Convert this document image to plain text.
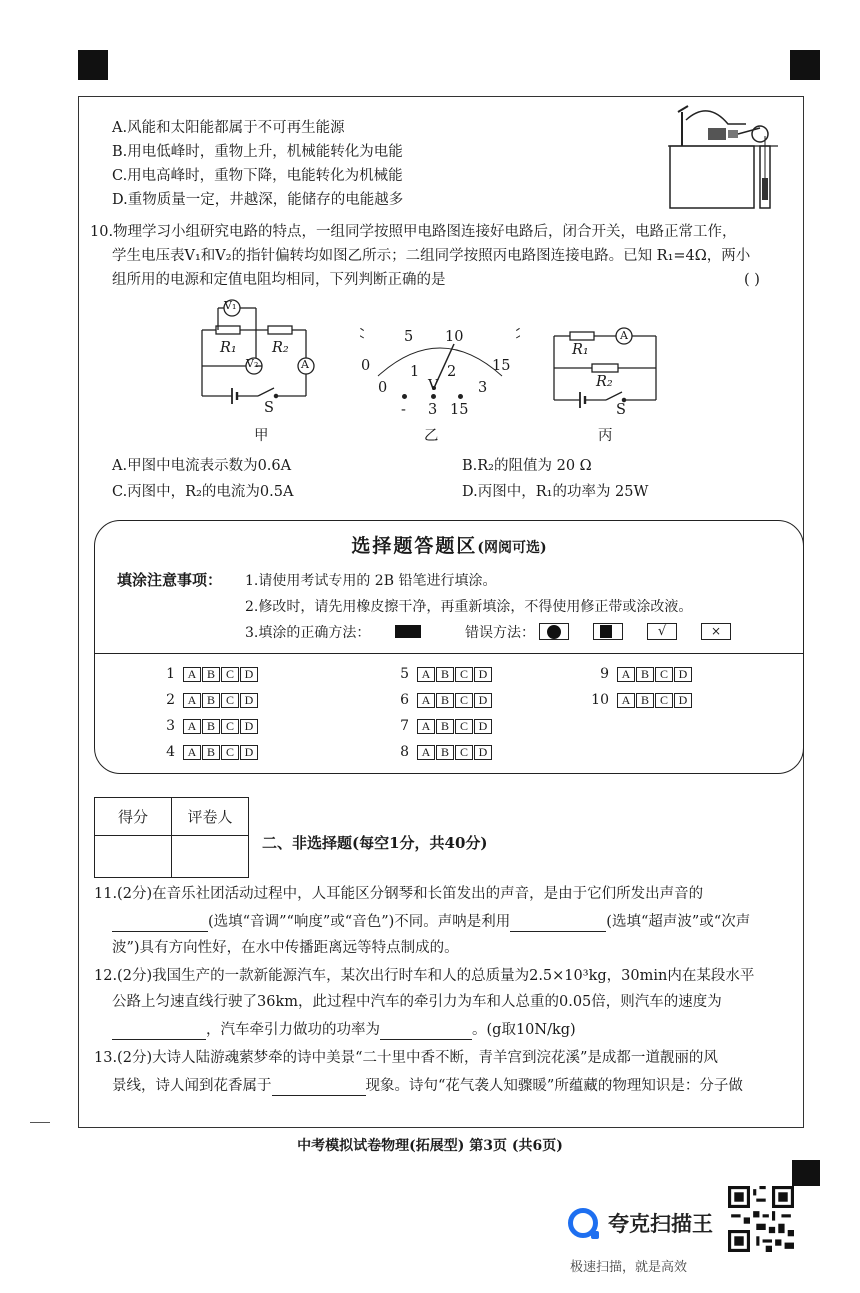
A.风能和太阳能都属于不可再生能源
B.用电低峰时，重物上升，机械能转化为电能
C.用电高峰时，重物下降，电能转化为机械能
D.重物质量一定，井越深，能储存的电能越多
10.物理学习小组研究电路的特点，一组同学按照甲电路图连接好电路后，闭合开关，电路正常工作，
学生电压表V₁和V₂的指针偏转均如图乙所示；二组同学按照丙电路图连接电路。已知 R₁=4Ω，两小
组所用的电源和定值电阻均相同，下列判断正确的是	( )
V₁
R₁
V₂
R₂
A
S
甲
0
5 10
15
0
1 2
3
V
- 3 15
乙
A
R₁
R₂
S
丙
A.甲图中电流表示数为0.6A	B.R₂的阻值为 20 Ω
C.丙图中，R₂的电流为0.5A	D.丙图中，R₁的功率为 25W
选择题答题区(网阅可选)
填涂注意事项： 1.请使用考试专用的 2B 铅笔进行填涂。
2.修改时，请先用橡皮擦干净，再重新填涂，不得使用修正带或涂改液。
3.填涂的正确方法：	错误方法：	√	×
1	A B C D
2	A B C D
3	A B C D
4	A B C D
5	A B C D
6	A B C D
7	A B C D
8	A B C D
9	A B C D
10	A B C D
得分	评卷人

二、非选择题(每空1分，共40分)
11.(2分)在音乐社团活动过程中，人耳能区分钢琴和长笛发出的声音，是由于它们所发出声音的
(选填“音调”“响度”或“音色”)不同。声呐是利用	(选填“超声波”或“次声
波”)具有方向性好，在水中传播距离远等特点制成的。
12.(2分)我国生产的一款新能源汽车，某次出行时车和人的总质量为2.5×10³kg，30min内在某段水平
公路上匀速直线行驶了36km，此过程中汽车的牵引力为车和人总重的0.05倍，则汽车的速度为
，汽车牵引力做功的功率为	。(g取10N/kg)
13.(2分)大诗人陆游魂萦梦牵的诗中美景“二十里中香不断，青羊宫到浣花溪”是成都一道靓丽的风
景线，诗人闻到花香属于	现象。诗句“花气袭人知骤暖”所蕴藏的物理知识是：分子做
中考模拟试卷物理(拓展型) 第3页 (共6页)
夸克扫描王
极速扫描，就是高效
